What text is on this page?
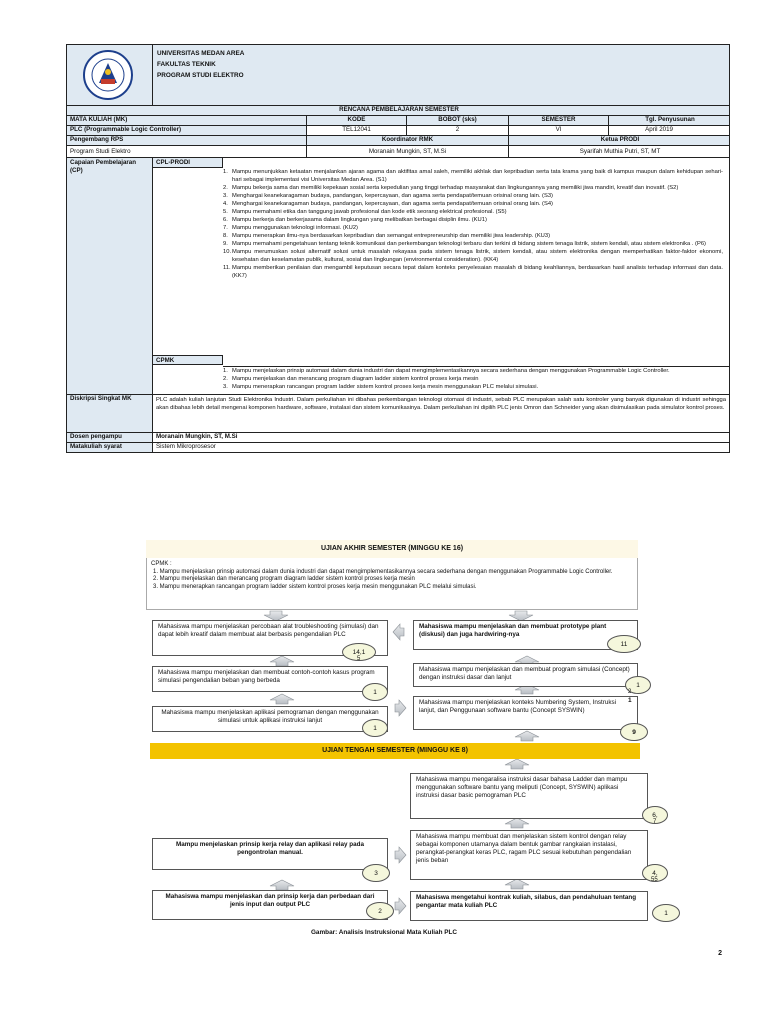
UNIVERSITAS MEDAN AREA
FAKULTAS TEKNIK
PROGRAM STUDI ELEKTRO
RENCANA PEMBELAJARAN SEMESTER
MATA KULIAH (MK)	KODE	BOBOT (sks)	SEMESTER	Tgl. Penyusunan
PLC (Programmable Logic Controller)	TEL12041	2	VI	April 2019
Pengembang RPS	Koordinator RMK	Ketua PRODI
Program Studi Elektro	Moranain Mungkin, ST, M.Si	Syarifah Muthia Putri, ST, MT
Capaian Pembelajaran (CP)
CPL-PRODI
1. Mampu menunjukkan ketaatan menjalankan ajaran agama dan aktifitas amal saleh, memiliki akhlak dan kepribadian serta tata krama yang baik di kampus maupun dalam kehidupan sehari-hari sebagai implementasi visi Universitas Medan Area. (S1)
2. Mampu bekerja sama dan memiliki kepekaan sosial serta kepedulian yang tinggi terhadap masyarakat dan lingkungannya yang memiliki jiwa mandiri, kreatif dan inovatif. (S2)
3. Menghargai keanekaragaman budaya, pandangan, kepercayaan, dan agama serta pendapat/temuan orisinal orang lain. (S3)
4. Menghargai keanekaragaman budaya, pandangan, kepercayaan, dan agama serta pendapat/temuan orisinal orang lain. (S4)
5. Mampu memahami etika dan tanggung jawab profesional dan kode etik seorang elektrical profesional. (S5)
6. Mampu berkerja dan berkerjasama dalam lingkungan yang melibatkan berbagai disiplin ilmu. (KU1)
7. Mampu menggunakan teknologi informasi. (KU2)
8. Mampu menerapkan ilmu-nya berdasarkan kepribadian dan semangat entrepreneurship dan memiliki jiwa leadership. (KU3)
9. Mampu memahami pengetahuan tentang teknik komunikasi dan perkembangan teknologi terbaru dan terkini di bidang sistem tenaga listrik, sistem kendali, atau sistem elektronika . (P6)
10. Mampu merumuskan solusi alternatif solusi untuk masalah rekayasa pada sistem tenaga listrik, sistem kendali, atau sistem elektronika dengan memperhatikan faktor-faktor ekonomi, kesehatan dan keselamatan publik, kultural, sosial dan lingkungan (environmental consideration). (KK4)
11. Mampu memberikan penilaian dan mengambil keputusan secara tepat dalam konteks penyelesaian masalah di bidang keahliannya, berdasarkan hasil analisis terhadap informasi dan data. (KK7)
CPMK
1. Mampu menjelaskan prinsip automasi dalam dunia industri dan dapat mengimplementasikannya secara sederhana dengan menggunakan Programmable Logic Controller.
2. Mampu menjelaskan dan merancang program diagram ladder sistem kontrol proses kerja mesin
3. Mampu menerapkan rancangan program ladder sistem kontrol proses kerja mesin menggunakan PLC melalui simulasi.
Diskripsi Singkat MK	PLC adalah kuliah lanjutan Studi Elektronika Industri. Dalam perkuliahan ini dibahas perkembangan teknologi otomasi di industri, sebab PLC merupakan salah satu kontroler yang banyak digunakan di industri sehingga akan dibahas lebih detail mengenai komponen hardware, software, instalasi dan sistem komunikasinya. Dalam perkuliahan ini dipilih PLC jenis Omron dan Schneider yang akan disimulasikan pada simulator kontrol proses.
Dosen pengampu	Moranain Mungkin, ST, M.Si
Matakuliah syarat	Sistem Mikroprosesor
UJIAN AKHIR SEMESTER (MINGGU KE 16)
CPMK :
1. Mampu menjelaskan prinsip automasi dalam dunia industri dan dapat mengimplementasikannya secara sederhana dengan menggunakan Programmable Logic Controller.
2. Mampu menjelaskan dan merancang program diagram ladder sistem kontrol proses kerja mesin
3. Mampu menerapkan rancangan program ladder sistem kontrol proses kerja mesin menggunakan PLC melalui simulasi.
Mahasiswa mampu menjelaskan percobaan alat troubleshooting (simulasi) dan dapat lebih kreatif dalam membuat alat berbasis pengendalian PLC
Mahasiswa mampu menjelaskan dan membuat contoh-contoh kasus program simulasi pengendalian beban yang berbeda
Mahasiswa mampu menjelaskan aplikasi pemograman dengan menggunakan simulasi untuk aplikasi instruksi lanjut
Mahasiswa mampu menjelaskan dan membuat prototype plant (diskusi) dan juga hardwiring-nya
Mahasiswa mampu menjelaskan dan membuat program simulasi (Concept) dengan instruksi dasar dan lanjut
Mahasiswa mampu menjelaskan konteks Numbering System, Instruksi lanjut, dan Penggunaan software bantu (Concept SYSWIN)
UJIAN TENGAH SEMESTER (MINGGU KE 8)
Mahasiswa mampu mengaralisa instruksi dasar bahasa Ladder dan mampu menggunakan software bantu yang meliputi (Concept, SYSWIN) aplikasi instruksi dasar basic pemograman PLC
Mahasiswa mampu membuat dan menjelaskan sistem kontrol dengan relay sebagai komponen utamanya dalam bentuk gambar rangkaian instalasi, perangkat-perangkat keras PLC, ragam PLC sesuai kebutuhan pengendalian jenis beban
Mahasiswa mengetahui kontrak kuliah, silabus, dan pendahuluan tentang pengantar mata kuliah PLC
Mampu menjelaskan prinsip kerja relay dan aplikasi relay pada pengontrolan manual.
Mahasiswa mampu menjelaskan dan prinsip kerja dan perbedaan dari jenis input dan output PLC
11
14,1
5
1
1
1
2
1
9
6,
7
4,
55
3
2	1
Gambar: Analisis Instruksional Mata Kuliah PLC
2
